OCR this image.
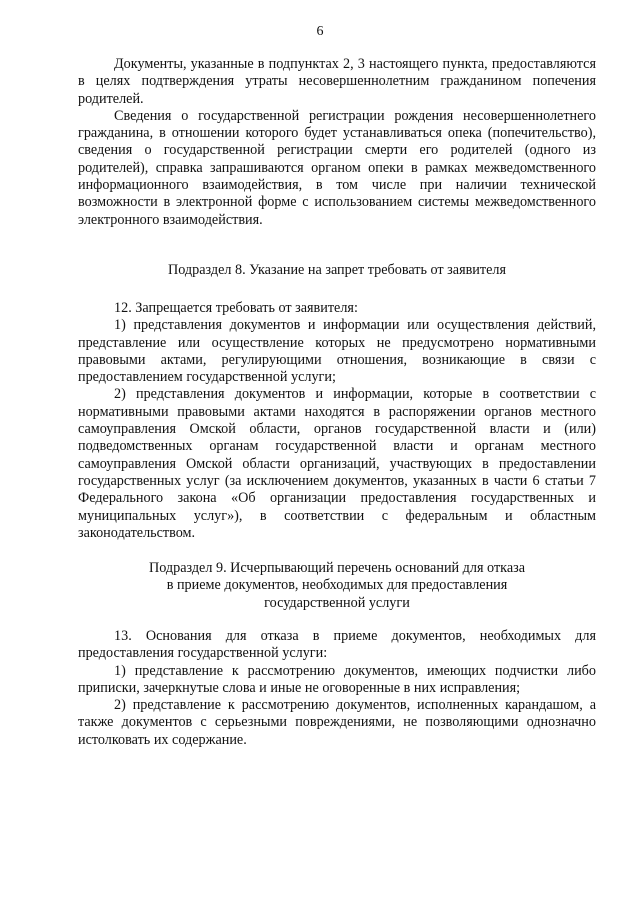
6

Документы, указанные в подпунктах 2, 3 настоящего пункта, предоставляются в целях подтверждения утраты несовершеннолетним гражданином попечения родителей.

Сведения о государственной регистрации рождения несовершеннолетнего гражданина, в отношении которого будет устанавливаться опека (попечительство), сведения о государственной регистрации смерти его родителей (одного из родителей), справка запрашиваются органом опеки в рамках межведомственного информационного взаимодействия, в том числе при наличии технической возможности в электронной форме с использованием системы межведомственного электронного взаимодействия.

Подраздел 8. Указание на запрет требовать от заявителя

12. Запрещается требовать от заявителя:

1) представления документов и информации или осуществления действий, представление или осуществление которых не предусмотрено нормативными правовыми актами, регулирующими отношения, возникающие в связи с предоставлением государственной услуги;

2) представления документов и информации, которые в соответствии с нормативными правовыми актами находятся в распоряжении органов местного самоуправления Омской области, органов государственной власти и (или) подведомственных органам государственной власти и органам местного самоуправления Омской области организаций, участвующих в предоставлении государственных услуг (за исключением документов, указанных в части 6 статьи 7 Федерального закона «Об организации предоставления государственных и муниципальных услуг»), в соответствии с федеральным и областным законодательством.

Подраздел 9. Исчерпывающий перечень оснований для отказа
в приеме документов, необходимых для предоставления
государственной услуги

13. Основания для отказа в приеме документов, необходимых для предоставления государственной услуги:

1) представление к рассмотрению документов, имеющих подчистки либо приписки, зачеркнутые слова и иные не оговоренные в них исправления;

2) представление к рассмотрению документов, исполненных карандашом, а также документов с серьезными повреждениями, не позволяющими однозначно истолковать их содержание.
